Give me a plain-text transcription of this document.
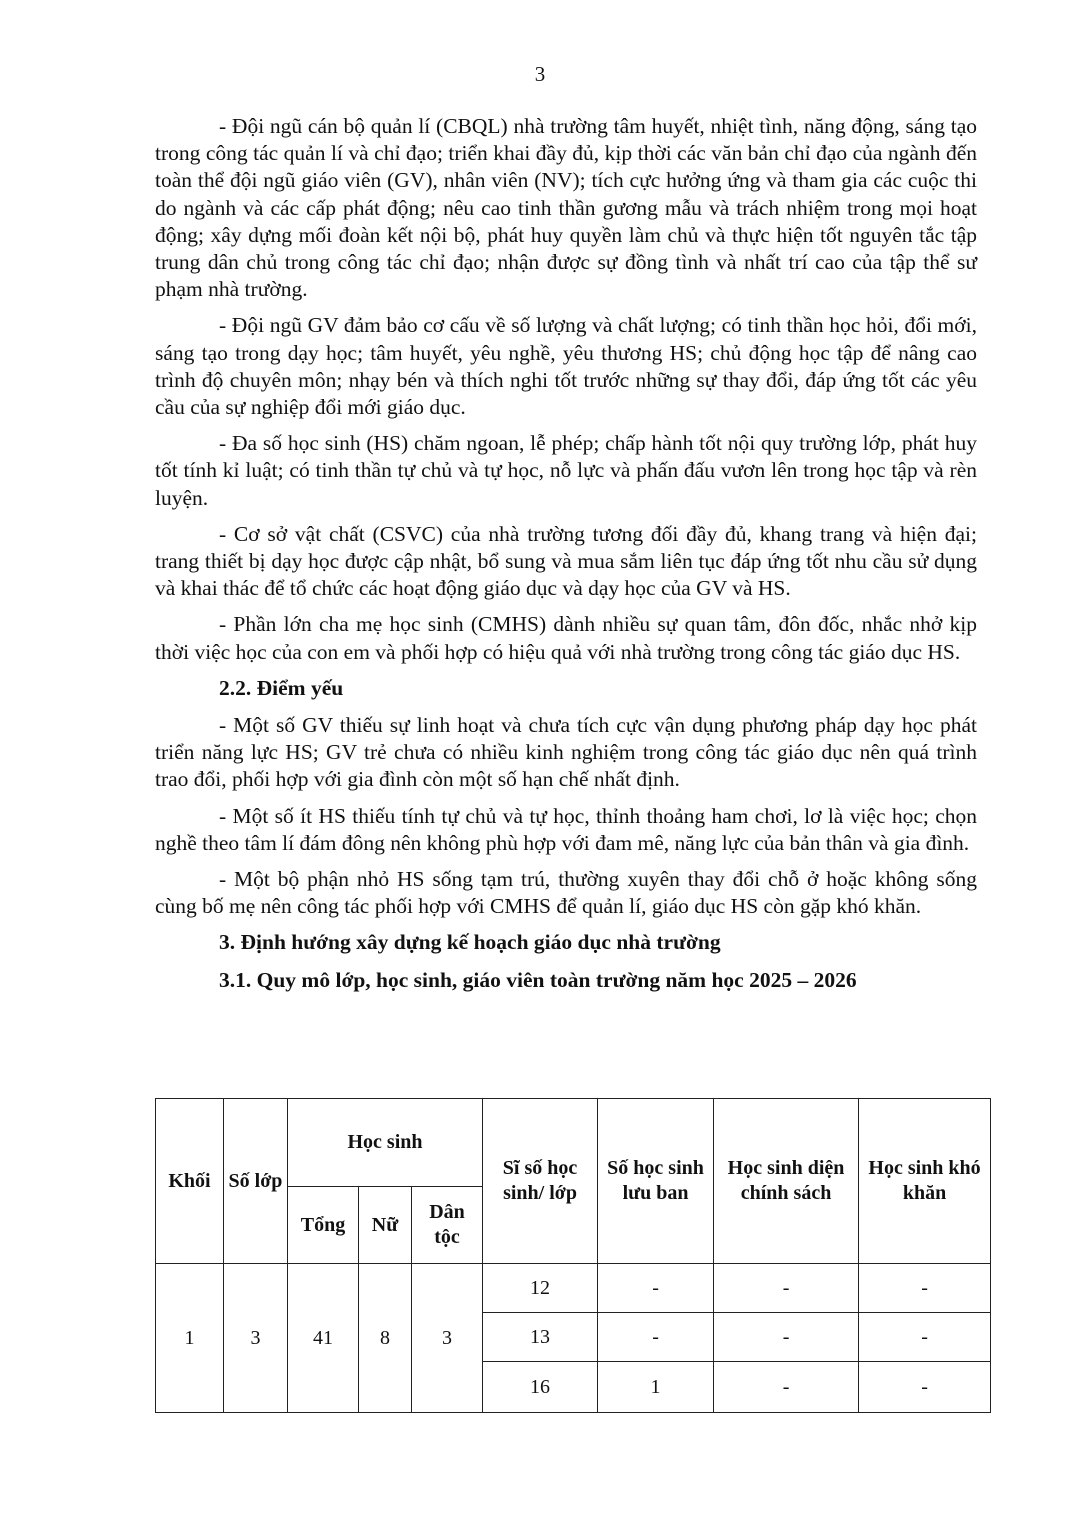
3

- Đội ngũ cán bộ quản lí (CBQL) nhà trường tâm huyết, nhiệt tình, năng động, sáng tạo trong công tác quản lí và chỉ đạo; triển khai đầy đủ, kịp thời các văn bản chỉ đạo của ngành đến toàn thể đội ngũ giáo viên (GV), nhân viên (NV); tích cực hưởng ứng và tham gia các cuộc thi do ngành và các cấp phát động; nêu cao tinh thần gương mẫu và trách nhiệm trong mọi hoạt động; xây dựng mối đoàn kết nội bộ, phát huy quyền làm chủ và thực hiện tốt nguyên tắc tập trung dân chủ trong công tác chỉ đạo; nhận được sự đồng tình và nhất trí cao của tập thể sư phạm nhà trường.

- Đội ngũ GV đảm bảo cơ cấu về số lượng và chất lượng; có tinh thần học hỏi, đổi mới, sáng tạo trong dạy học; tâm huyết, yêu nghề, yêu thương HS; chủ động học tập để nâng cao trình độ chuyên môn; nhạy bén và thích nghi tốt trước những sự thay đổi, đáp ứng tốt các yêu cầu của sự nghiệp đổi mới giáo dục.

- Đa số học sinh (HS) chăm ngoan, lễ phép; chấp hành tốt nội quy trường lớp, phát huy tốt tính kỉ luật; có tinh thần tự chủ và tự học, nỗ lực và phấn đấu vươn lên trong học tập và rèn luyện.

- Cơ sở vật chất (CSVC) của nhà trường tương đối đầy đủ, khang trang và hiện đại; trang thiết bị dạy học được cập nhật, bổ sung và mua sắm liên tục đáp ứng tốt nhu cầu sử dụng và khai thác để tổ chức các hoạt động giáo dục và dạy học của GV và HS.

- Phần lớn cha mẹ học sinh (CMHS) dành nhiều sự quan tâm, đôn đốc, nhắc nhở kịp thời việc học của con em và phối hợp có hiệu quả với nhà trường trong công tác giáo dục HS.

2.2. Điểm yếu

- Một số GV thiếu sự linh hoạt và chưa tích cực vận dụng phương pháp dạy học phát triển năng lực HS; GV trẻ chưa có nhiều kinh nghiệm trong công tác giáo dục nên quá trình trao đổi, phối hợp với gia đình còn một số hạn chế nhất định.

- Một số ít HS thiếu tính tự chủ và tự học, thỉnh thoảng ham chơi, lơ là việc học; chọn nghề theo tâm lí đám đông nên không phù hợp với đam mê, năng lực của bản thân và gia đình.

- Một bộ phận nhỏ HS sống tạm trú, thường xuyên thay đổi chỗ ở hoặc không sống cùng bố mẹ nên công tác phối hợp với CMHS để quản lí, giáo dục HS còn gặp khó khăn.

3. Định hướng xây dựng kế hoạch giáo dục nhà trường
3.1. Quy mô lớp, học sinh, giáo viên toàn trường năm học 2025 – 2026
Khối	Số lớp	Học sinh			Sĩ số học sinh/ lớp	Số học sinh lưu ban	Học sinh diện chính sách	Học sinh khó khăn
		Tổng	Nữ	Dân tộc				
1	3	41	8	3	12	-	-	-
					13	-	-	-
					16	1	-	-
